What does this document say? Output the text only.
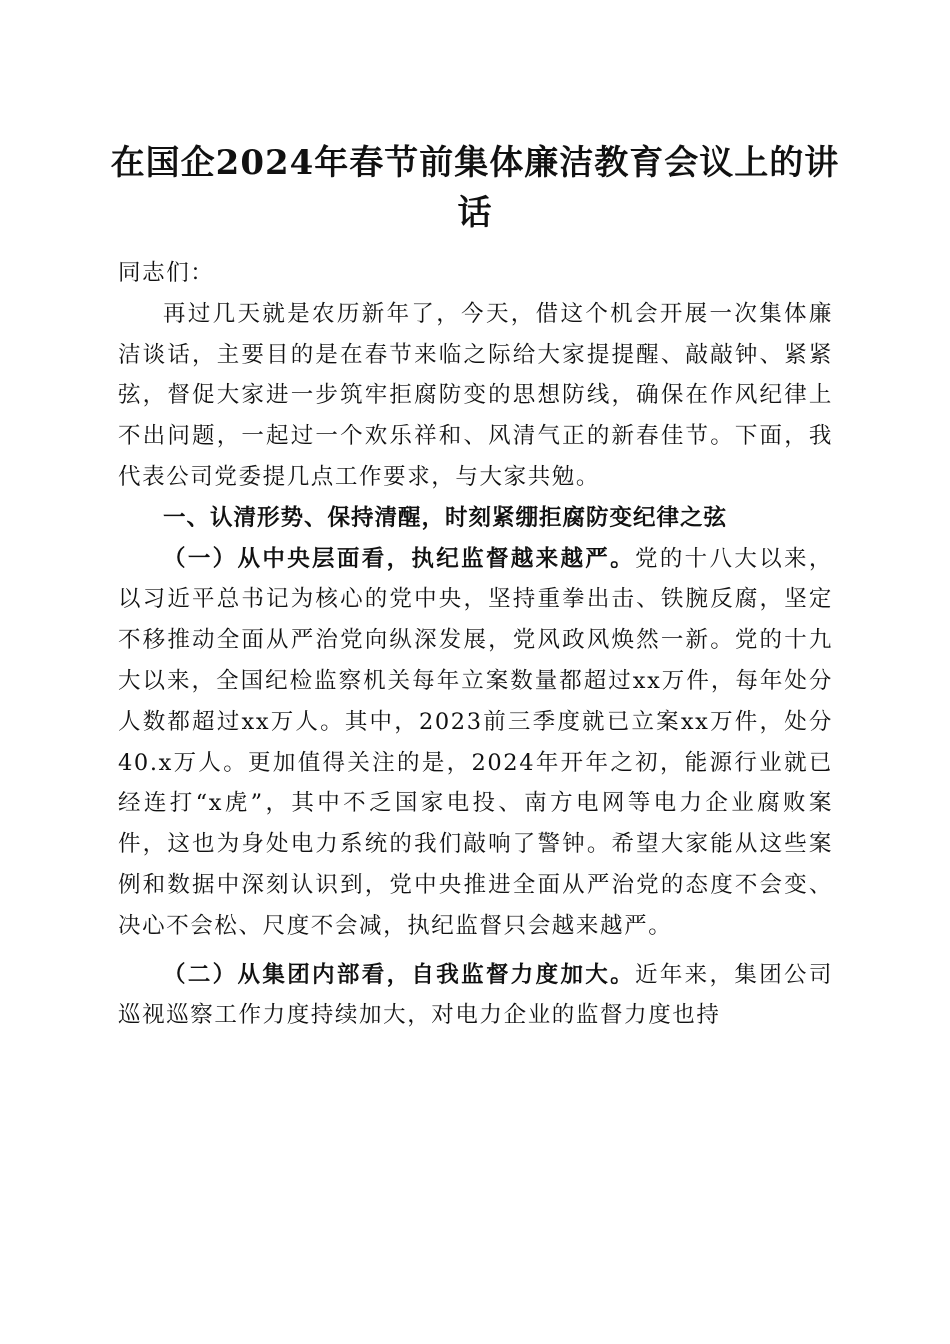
在国企2024年春节前集体廉洁教育会议上的讲话

同志们：

再过几天就是农历新年了，今天，借这个机会开展一次集体廉洁谈话，主要目的是在春节来临之际给大家提提醒、敲敲钟、紧紧弦，督促大家进一步筑牢拒腐防变的思想防线，确保在作风纪律上不出问题，一起过一个欢乐祥和、风清气正的新春佳节。下面，我代表公司党委提几点工作要求，与大家共勉。

一、认清形势、保持清醒，时刻紧绷拒腐防变纪律之弦

（一）从中央层面看，执纪监督越来越严。党的十八大以来，以习近平总书记为核心的党中央，坚持重拳出击、铁腕反腐，坚定不移推动全面从严治党向纵深发展，党风政风焕然一新。党的十九大以来，全国纪检监察机关每年立案数量都超过xx万件，每年处分人数都超过xx万人。其中，2023前三季度就已立案xx万件，处分40.x万人。更加值得关注的是，2024年开年之初，能源行业就已经连打“x虎”，其中不乏国家电投、南方电网等电力企业腐败案件，这也为身处电力系统的我们敲响了警钟。希望大家能从这些案例和数据中深刻认识到，党中央推进全面从严治党的态度不会变、决心不会松、尺度不会减，执纪监督只会越来越严。

（二）从集团内部看，自我监督力度加大。近年来，集团公司巡视巡察工作力度持续加大，对电力企业的监督力度也持
